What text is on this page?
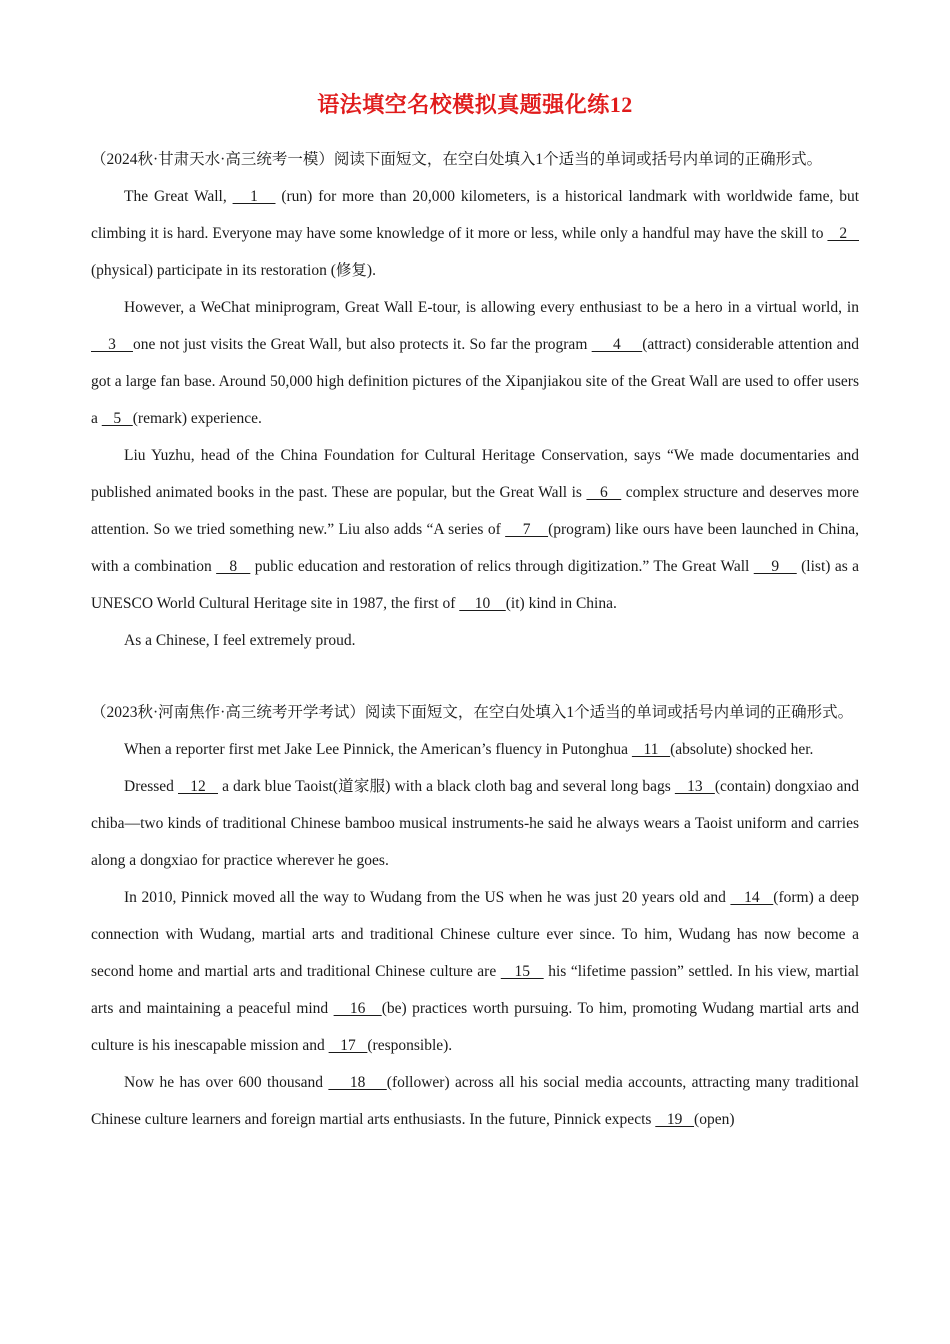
语法填空名校模拟真题强化练12

（2024秋·甘肃天水·高三统考一模）阅读下面短文，在空白处填入1个适当的单词或括号内单词的正确形式。

The Great Wall,    1    (run) for more than 20,000 kilometers, is a historical landmark with worldwide fame, but climbing it is hard. Everyone may have some knowledge of it more or less, while only a handful may have the skill to    2    (physical) participate in its restoration (修复).

However, a WeChat miniprogram, Great Wall E-tour, is allowing every enthusiast to be a hero in a virtual world, in     3    one not just visits the Great Wall, but also protects it. So far the program      4     (attract) considerable attention and got a large fan base. Around 50,000 high definition pictures of the Xipanjiakou site of the Great Wall are used to offer users a    5   (remark) experience.

Liu Yuzhu, head of the China Foundation for Cultural Heritage Conservation, says “We made documentaries and published animated books in the past. These are popular, but the Great Wall is    6    complex structure and deserves more attention. So we tried something new.” Liu also adds “A series of     7    (program) like ours have been launched in China, with a combination    8    public education and restoration of relics through digitization.” The Great Wall     9     (list) as a UNESCO World Cultural Heritage site in 1987, the first of     10    (it) kind in China.

As a Chinese, I feel extremely proud.

（2023秋·河南焦作·高三统考开学考试）阅读下面短文，在空白处填入1个适当的单词或括号内单词的正确形式。

When a reporter first met Jake Lee Pinnick, the American’s fluency in Putonghua    11   (absolute) shocked her.

Dressed    12    a dark blue Taoist(道家服) with a black cloth bag and several long bags    13   (contain) dongxiao and chiba—two kinds of traditional Chinese bamboo musical instruments-he said he always wears a Taoist uniform and carries along a dongxiao for practice wherever he goes.

In 2010, Pinnick moved all the way to Wudang from the US when he was just 20 years old and    14   (form) a deep connection with Wudang, martial arts and traditional Chinese culture ever since. To him, Wudang has now become a second home and martial arts and traditional Chinese culture are    15    his “lifetime passion” settled. In his view, martial arts and maintaining a peaceful mind    16   (be) practices worth pursuing. To him, promoting Wudang martial arts and culture is his inescapable mission and    17   (responsible).

Now he has over 600 thousand     18    (follower) across all his social media accounts, attracting many traditional Chinese culture learners and foreign martial arts enthusiasts. In the future, Pinnick expects    19   (open)
